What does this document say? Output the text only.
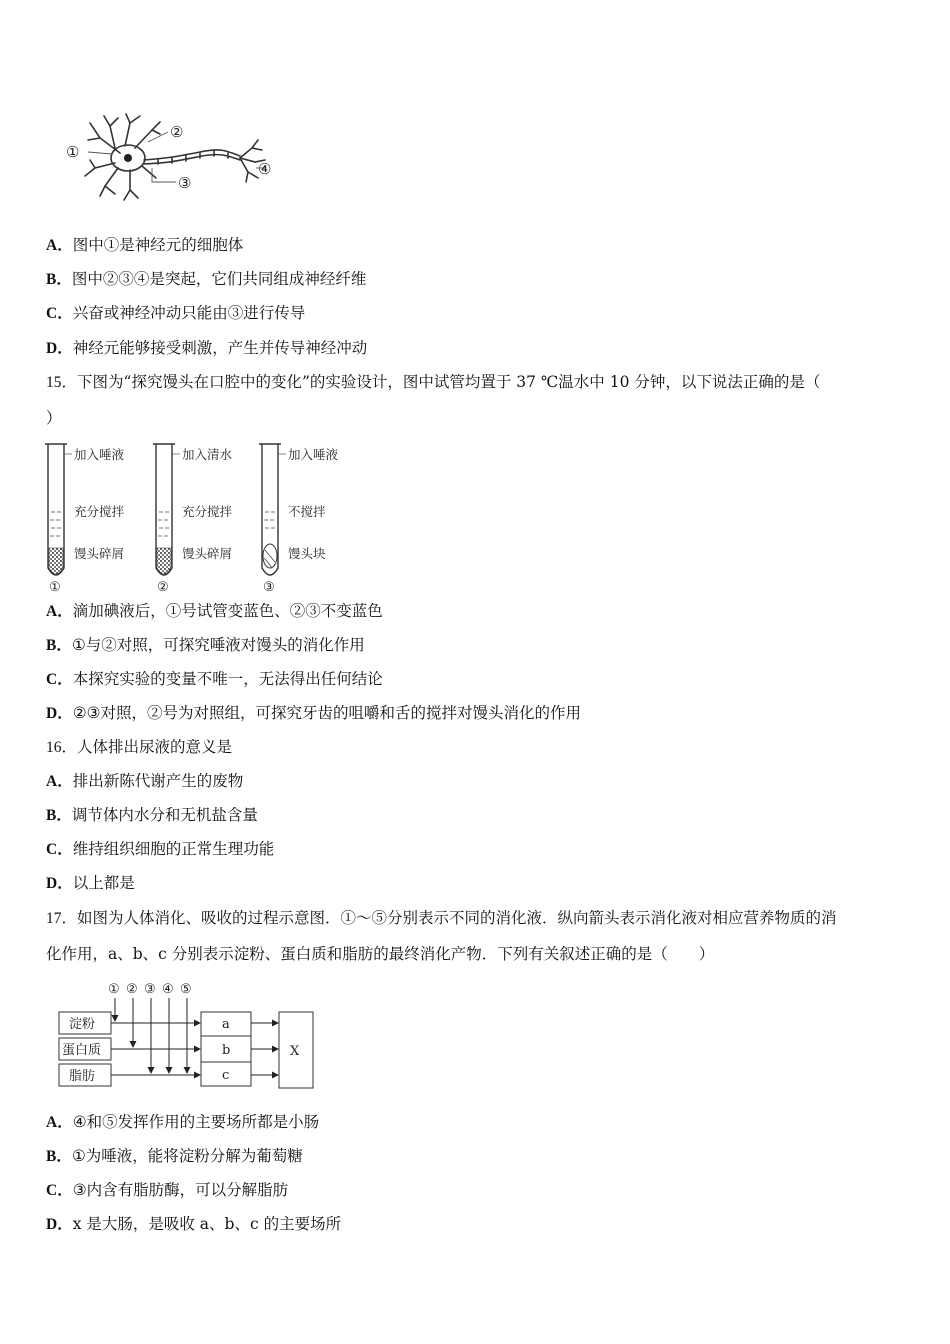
①
②
③
④
A．图中①是神经元的细胞体
B．图中②③④是突起，它们共同组成神经纤维
C．兴奋或神经冲动只能由③进行传导
D．神经元能够接受刺激，产生并传导神经冲动
15．下图为“探究馒头在口腔中的变化”的实验设计，图中试管均置于 37 ℃温水中 10 分钟，以下说法正确的是（
）
加入唾液
充分搅拌
馒头碎屑
①
加入清水
充分搅拌
馒头碎屑
②
加入唾液
不搅拌
馒头块
③
A．滴加碘液后，①号试管变蓝色、②③不变蓝色
B．①与②对照，可探究唾液对馒头的消化作用
C．本探究实验的变量不唯一，无法得出任何结论
D．②③对照，②号为对照组，可探究牙齿的咀嚼和舌的搅拌对馒头消化的作用
16．人体排出尿液的意义是
A．排出新陈代谢产生的废物
B．调节体内水分和无机盐含量
C．维持组织细胞的正常生理功能
D．以上都是
17．如图为人体消化、吸收的过程示意图．①～⑤分别表示不同的消化液．纵向箭头表示消化液对相应营养物质的消
化作用，a、b、c 分别表示淀粉、蛋白质和脂肪的最终消化产物．下列有关叙述正确的是（　　）
① ② ③ ④ ⑤
淀粉
蛋白质
脂肪
a
b
c
X
A．④和⑤发挥作用的主要场所都是小肠
B．①为唾液，能将淀粉分解为葡萄糖
C．③内含有脂肪酶，可以分解脂肪
D．x 是大肠，是吸收 a、b、c 的主要场所
